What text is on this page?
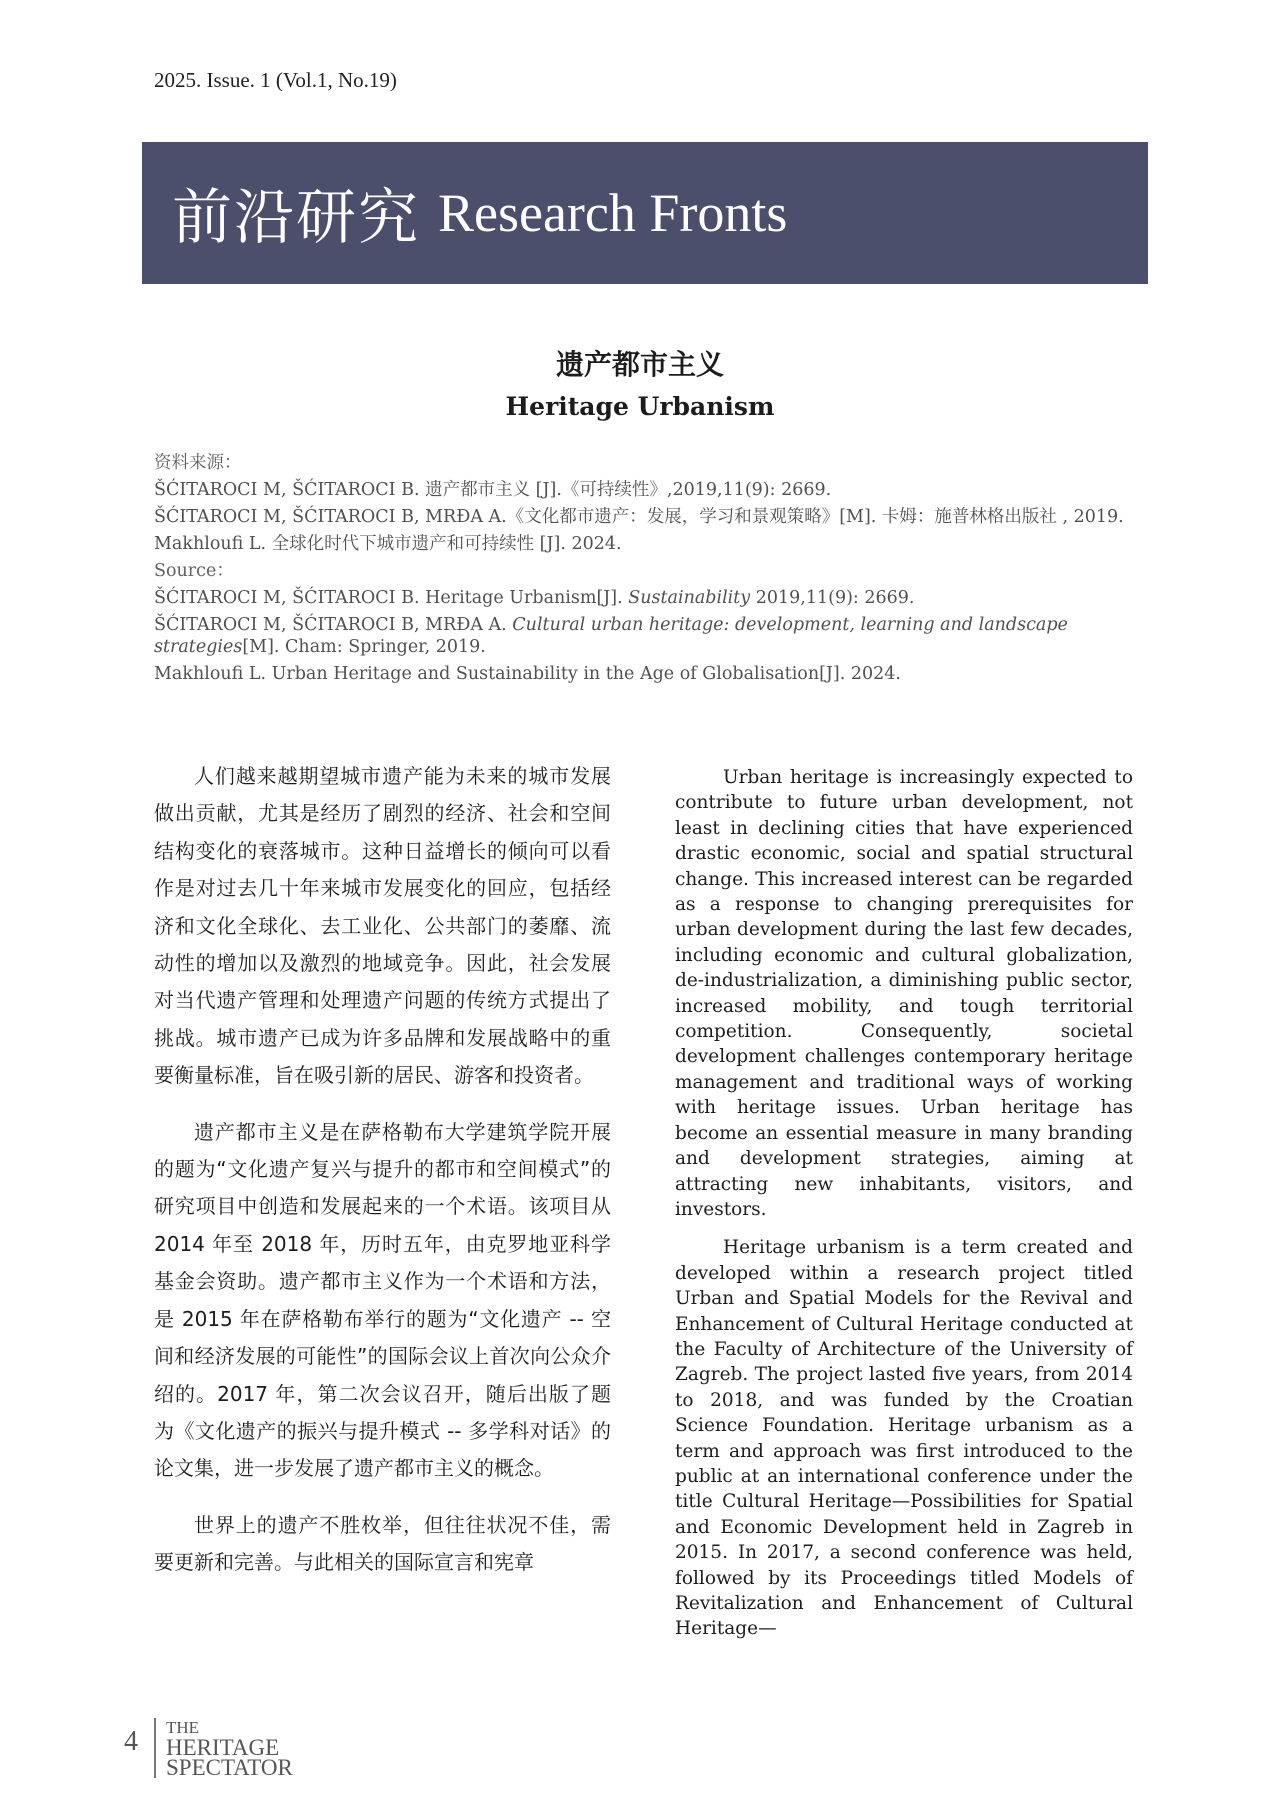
2025. Issue. 1 (Vol.1, No.19)
前沿研究 Research Fronts
遗产都市主义
Heritage Urbanism
资料来源：
ŠĆITAROCI M, ŠĆITAROCI B. 遗产都市主义 [J].《可持续性》,2019,11(9): 2669.
ŠĆITAROCI M, ŠĆITAROCI B, MRĐA A.《文化都市遗产：发展，学习和景观策略》[M]. 卡姆：施普林格出版社 , 2019.
Makhloufi L. 全球化时代下城市遗产和可持续性 [J]. 2024.
Source：
ŠĆITAROCI M, ŠĆITAROCI B. Heritage Urbanism[J]. Sustainability 2019,11(9): 2669.
ŠĆITAROCI M, ŠĆITAROCI B, MRĐA A. Cultural urban heritage: development, learning and landscape strategies[M]. Cham: Springer, 2019.
Makhloufi L. Urban Heritage and Sustainability in the Age of Globalisation[J]. 2024.

人们越来越期望城市遗产能为未来的城市发展做出贡献，尤其是经历了剧烈的经济、社会和空间结构变化的衰落城市。这种日益增长的倾向可以看作是对过去几十年来城市发展变化的回应，包括经济和文化全球化、去工业化、公共部门的萎靡、流动性的增加以及激烈的地域竞争。因此，社会发展对当代遗产管理和处理遗产问题的传统方式提出了挑战。城市遗产已成为许多品牌和发展战略中的重要衡量标准，旨在吸引新的居民、游客和投资者。

遗产都市主义是在萨格勒布大学建筑学院开展的题为“文化遗产复兴与提升的都市和空间模式”的研究项目中创造和发展起来的一个术语。该项目从 2014 年至 2018 年，历时五年，由克罗地亚科学基金会资助。遗产都市主义作为一个术语和方法，是 2015 年在萨格勒布举行的题为“文化遗产 -- 空间和经济发展的可能性”的国际会议上首次向公众介绍的。2017 年，第二次会议召开，随后出版了题为《文化遗产的振兴与提升模式 -- 多学科对话》的论文集，进一步发展了遗产都市主义的概念。

世界上的遗产不胜枚举，但往往状况不佳，需要更新和完善。与此相关的国际宣言和宪章

Urban heritage is increasingly expected to contribute to future urban development, not least in declining cities that have experienced drastic economic, social and spatial structural change. This increased interest can be regarded as a response to changing prerequisites for urban development during the last few decades, including economic and cultural globalization, de-industrialization, a diminishing public sector, increased mobility, and tough territorial competition. Consequently, societal development challenges contemporary heritage management and traditional ways of working with heritage issues. Urban heritage has become an essential measure in many branding and development strategies, aiming at attracting new inhabitants, visitors, and investors.

Heritage urbanism is a term created and developed within a research project titled Urban and Spatial Models for the Revival and Enhancement of Cultural Heritage conducted at the Faculty of Architecture of the University of Zagreb. The project lasted five years, from 2014 to 2018, and was funded by the Croatian Science Foundation. Heritage urbanism as a term and approach was first introduced to the public at an international conference under the title Cultural Heritage—Possibilities for Spatial and Economic Development held in Zagreb in 2015. In 2017, a second conference was held, followed by its Proceedings titled Models of Revitalization and Enhancement of Cultural Heritage—

4 THE
HERITAGE
SPECTATOR
